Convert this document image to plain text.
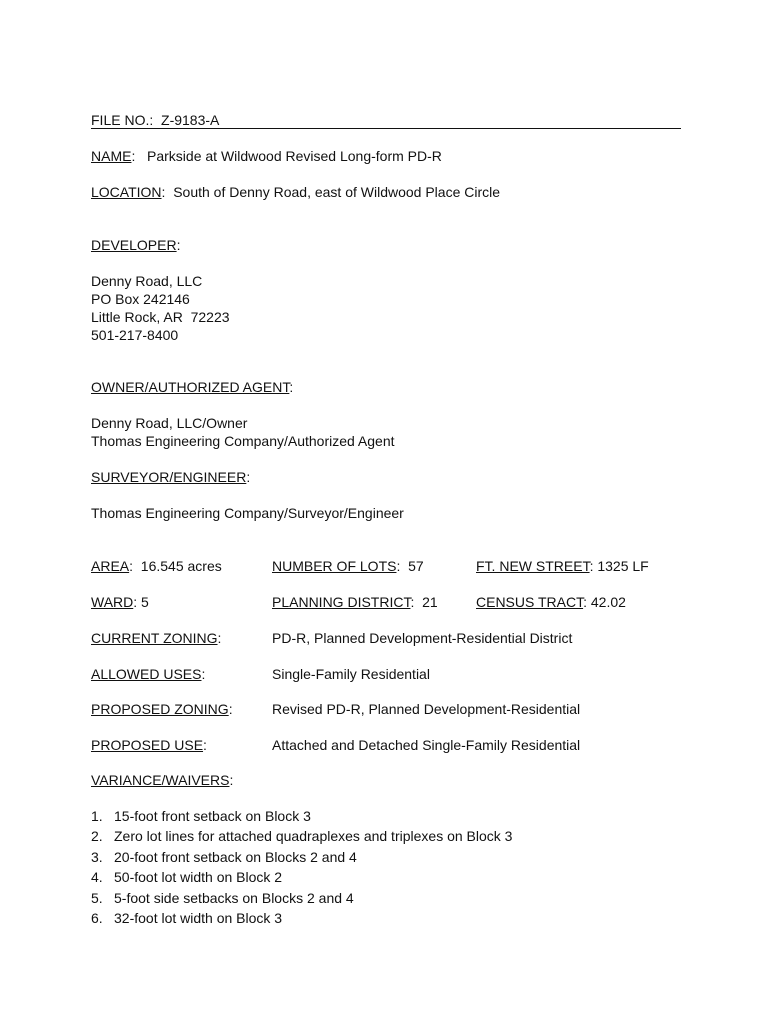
FILE NO.: Z-9183-A
NAME:   Parkside at Wildwood Revised Long-form PD-R
LOCATION:  South of Denny Road, east of Wildwood Place Circle
DEVELOPER:
Denny Road, LLC
PO Box 242146
Little Rock, AR  72223
501-217-8400
OWNER/AUTHORIZED AGENT:
Denny Road, LLC/Owner
Thomas Engineering Company/Authorized Agent
SURVEYOR/ENGINEER:
Thomas Engineering Company/Surveyor/Engineer
AREA:  16.545 acres	NUMBER OF LOTS:  57	FT. NEW STREET: 1325 LF
WARD: 5	PLANNING DISTRICT:  21	CENSUS TRACT: 42.02
CURRENT ZONING:	PD-R, Planned Development-Residential District
ALLOWED USES:	Single-Family Residential
PROPOSED ZONING:	Revised PD-R, Planned Development-Residential
PROPOSED USE:	Attached and Detached Single-Family Residential
VARIANCE/WAIVERS:
1. 15-foot front setback on Block 3
2. Zero lot lines for attached quadraplexes and triplexes on Block 3
3. 20-foot front setback on Blocks 2 and 4
4. 50-foot lot width on Block 2
5. 5-foot side setbacks on Blocks 2 and 4
6. 32-foot lot width on Block 3
